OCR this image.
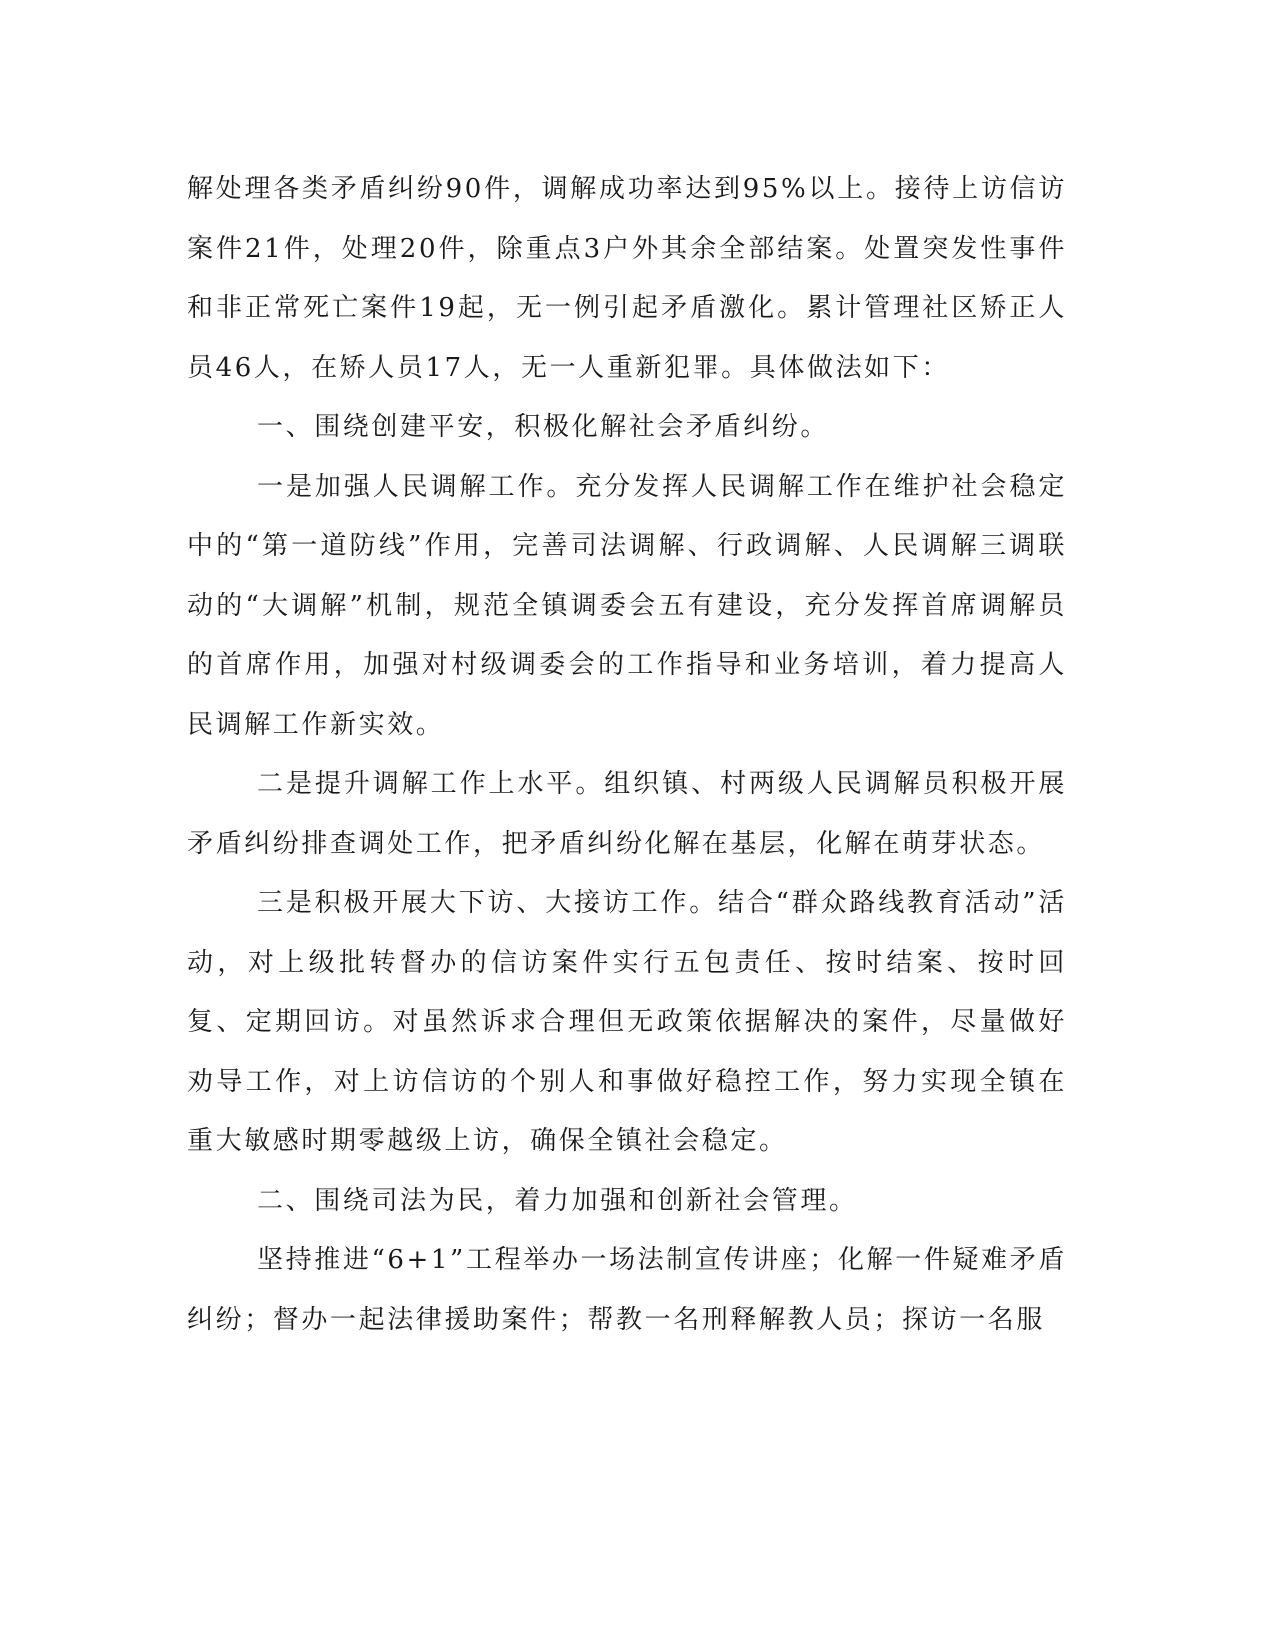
解处理各类矛盾纠纷90件，调解成功率达到95%以上。接待上访信访案件21件，处理20件，除重点3户外其余全部结案。处置突发性事件和非正常死亡案件19起，无一例引起矛盾激化。累计管理社区矫正人员46人，在矫人员17人，无一人重新犯罪。具体做法如下：

一、围绕创建平安，积极化解社会矛盾纠纷。

一是加强人民调解工作。充分发挥人民调解工作在维护社会稳定中的“第一道防线”作用，完善司法调解、行政调解、人民调解三调联动的“大调解”机制，规范全镇调委会五有建设，充分发挥首席调解员的首席作用，加强对村级调委会的工作指导和业务培训，着力提高人民调解工作新实效。

二是提升调解工作上水平。组织镇、村两级人民调解员积极开展矛盾纠纷排查调处工作，把矛盾纠纷化解在基层，化解在萌芽状态。

三是积极开展大下访、大接访工作。结合“群众路线教育活动”活动，对上级批转督办的信访案件实行五包责任、按时结案、按时回复、定期回访。对虽然诉求合理但无政策依据解决的案件，尽量做好劝导工作，对上访信访的个别人和事做好稳控工作，努力实现全镇在重大敏感时期零越级上访，确保全镇社会稳定。

二、围绕司法为民，着力加强和创新社会管理。

坚持推进“6+1”工程举办一场法制宣传讲座；化解一件疑难矛盾纠纷；督办一起法律援助案件；帮教一名刑释解教人员；探访一名服
